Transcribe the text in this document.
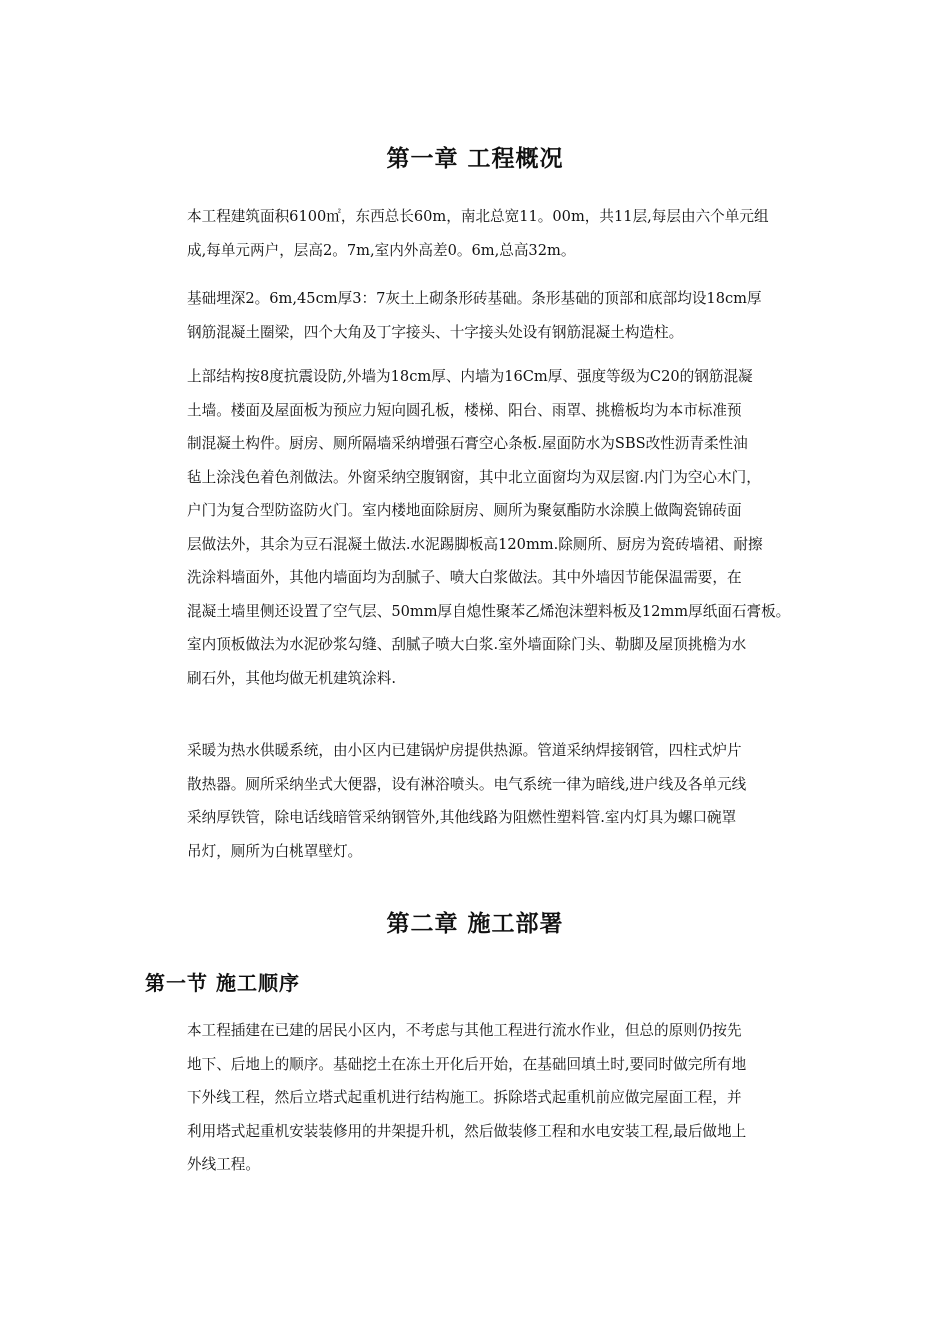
第一章 工程概况
本工程建筑面积6100㎡，东西总长60m，南北总宽11。00m，共11层,每层由六个单元组
成,每单元两户，层高2。7m,室内外高差0。6m,总高32m。
基础埋深2。6m,45cm厚3：7灰土上砌条形砖基础。条形基础的顶部和底部均设18cm厚
钢筋混凝土圈梁，四个大角及丁字接头、十字接头处设有钢筋混凝土构造柱。
上部结构按8度抗震设防,外墙为18cm厚、内墙为16Cm厚、强度等级为C20的钢筋混凝
土墙。楼面及屋面板为预应力短向圆孔板，楼梯、阳台、雨罩、挑檐板均为本市标准预
制混凝土构件。厨房、厕所隔墙采纳增强石膏空心条板.屋面防水为SBS改性沥青柔性油
毡上涂浅色着色剂做法。外窗采纳空腹钢窗，其中北立面窗均为双层窗.内门为空心木门，
户门为复合型防盗防火门。室内楼地面除厨房、厕所为聚氨酯防水涂膜上做陶瓷锦砖面
层做法外，其余为豆石混凝土做法.水泥踢脚板高120mm.除厕所、厨房为瓷砖墙裙、耐擦
洗涂料墙面外，其他内墙面均为刮腻子、喷大白浆做法。其中外墙因节能保温需要，在
混凝土墙里侧还设置了空气层、50mm厚自熄性聚苯乙烯泡沫塑料板及12mm厚纸面石膏板。
室内顶板做法为水泥砂浆勾缝、刮腻子喷大白浆.室外墙面除门头、勒脚及屋顶挑檐为水
刷石外，其他均做无机建筑涂料.
采暖为热水供暖系统，由小区内已建锅炉房提供热源。管道采纳焊接钢管，四柱式炉片
散热器。厕所采纳坐式大便器，设有淋浴喷头。电气系统一律为暗线,进户线及各单元线
采纳厚铁管，除电话线暗管采纳钢管外,其他线路为阻燃性塑料管.室内灯具为螺口碗罩
吊灯，厕所为白桃罩壁灯。
第二章 施工部署
第一节 施工顺序
本工程插建在已建的居民小区内，不考虑与其他工程进行流水作业，但总的原则仍按先
地下、后地上的顺序。基础挖土在冻土开化后开始，在基础回填土时,要同时做完所有地
下外线工程，然后立塔式起重机进行结构施工。拆除塔式起重机前应做完屋面工程，并
利用塔式起重机安装装修用的井架提升机，然后做装修工程和水电安装工程,最后做地上
外线工程。
